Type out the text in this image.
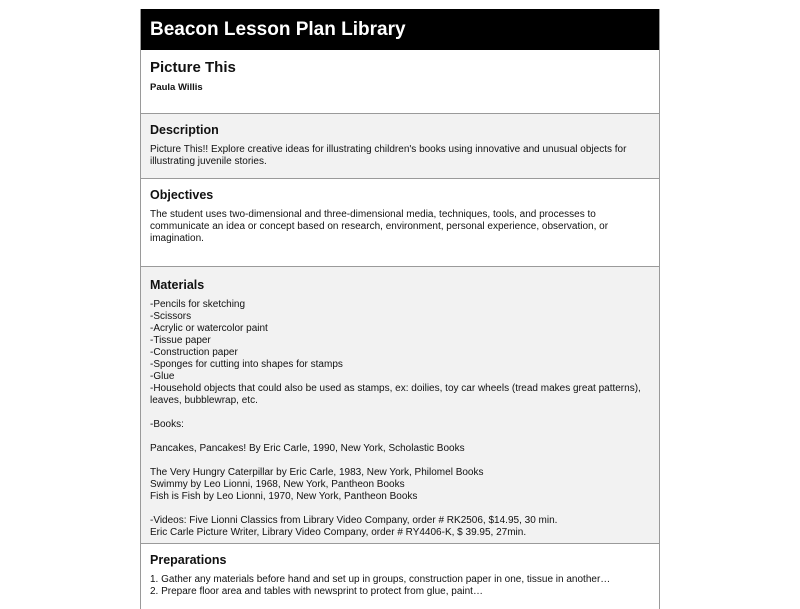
Beacon Lesson Plan Library
Picture This
Paula Willis
Description

Picture This!! Explore creative ideas for illustrating children's books using innovative and unusual objects for illustrating juvenile stories.

Objectives

The student uses two-dimensional and three-dimensional media, techniques, tools, and processes to communicate an idea or concept based on research, environment, personal experience, observation, or imagination.

Materials
-Pencils for sketching
-Scissors
-Acrylic or watercolor paint
-Tissue paper
-Construction paper
-Sponges for cutting into shapes for stamps
-Glue
-Household objects that could also be used as stamps, ex: doilies, toy car wheels (tread makes great patterns), leaves, bubblewrap, etc.
-Books:
Pancakes, Pancakes! By Eric Carle, 1990, New York, Scholastic Books
The Very Hungry Caterpillar by Eric Carle, 1983, New York, Philomel Books
Swimmy by Leo Lionni, 1968, New York, Pantheon Books
Fish is Fish by Leo Lionni, 1970, New York, Pantheon Books
-Videos: Five Lionni Classics from Library Video Company, order # RK2506, $14.95, 30 min.
Eric Carle Picture Writer, Library Video Company, order # RY4406-K, $ 39.95, 27min.
Preparations
1. Gather any materials before hand and set up in groups, construction paper in one, tissue in another…
2. Prepare floor area and tables with newsprint to protect from glue, paint…
